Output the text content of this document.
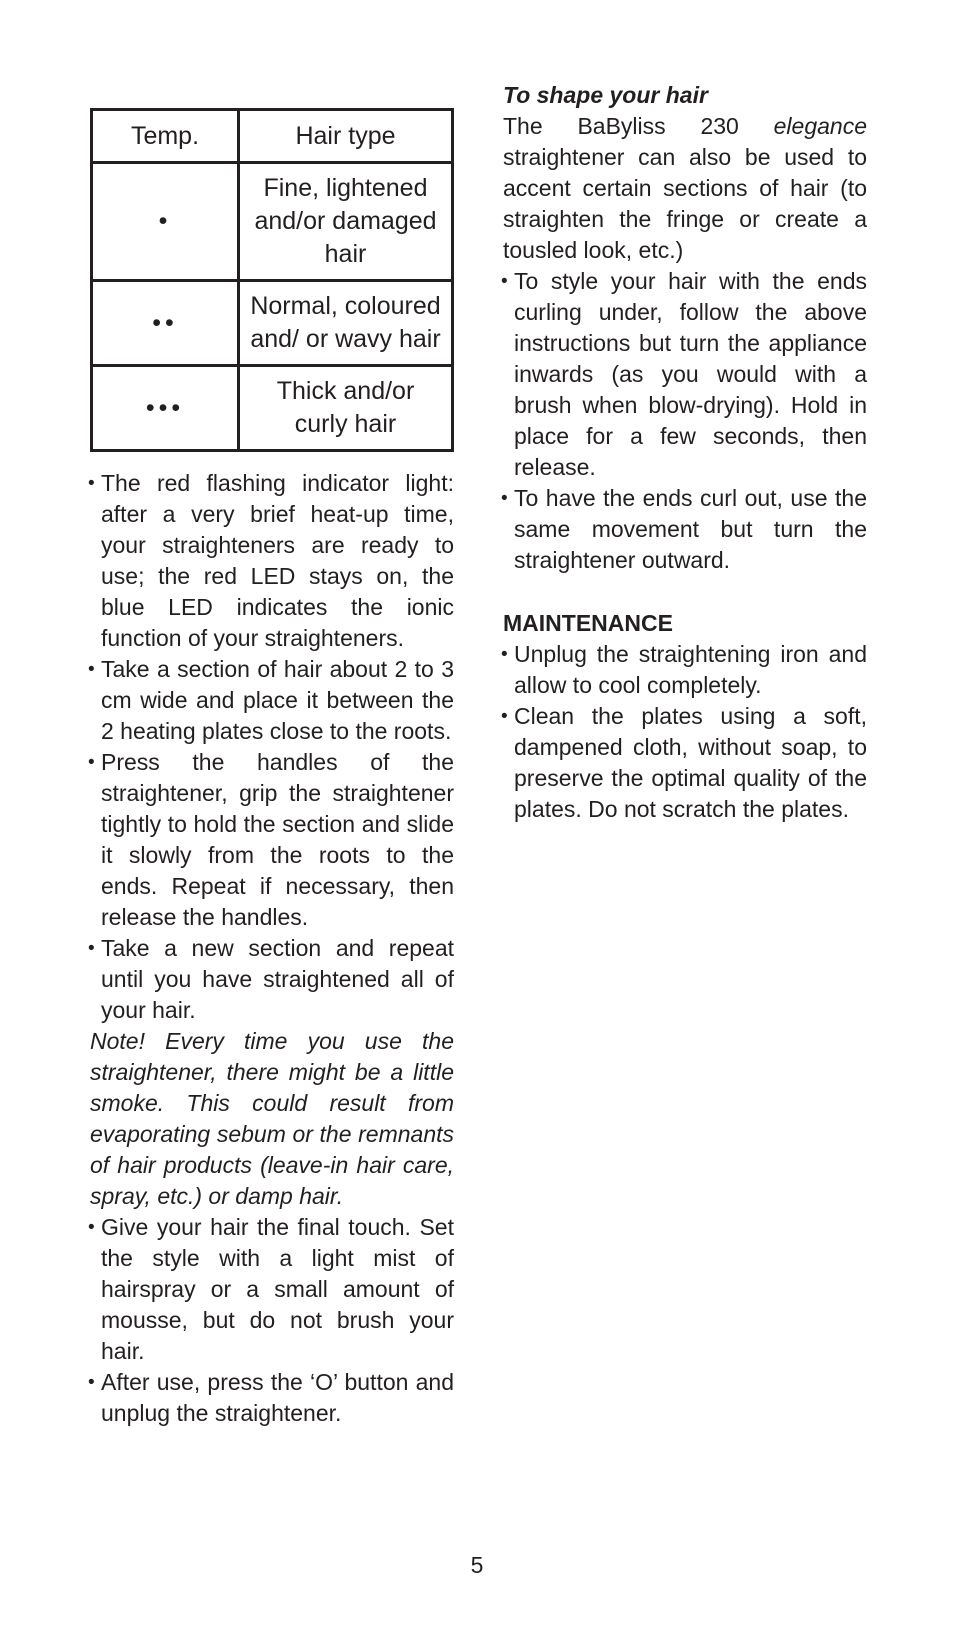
Temp.	Hair type
•	Fine, lightened and/or damaged hair
••	Normal, coloured and/ or wavy hair
•••	Thick and/or curly hair
• The red flashing indicator light: after a very brief heat-up time, your straighteners are ready to use; the red LED stays on, the blue LED indicates the ionic function of your straighteners.
• Take a section of hair about 2 to 3 cm wide and place it between the 2 heating plates close to the roots.
• Press the handles of the straightener, grip the straightener tightly to hold the section and slide it slowly from the roots to the ends. Repeat if necessary, then release the handles.
• Take a new section and repeat until you have straightened all of your hair.

Note! Every time you use the straightener, there might be a little smoke. This could result from evaporating sebum or the remnants of hair products (leave-in hair care, spray, etc.) or damp hair.

• Give your hair the final touch. Set the style with a light mist of hairspray or a small amount of mousse, but do not brush your hair.
• After use, press the ‘O’ button and unplug the straightener.

To shape your hair

The BaByliss 230 elegance straightener can also be used to accent certain sections of hair (to straighten the fringe or create a tousled look, etc.)

• To style your hair with the ends curling under, follow the above instructions but turn the appliance inwards (as you would with a brush when blow-drying). Hold in place for a few seconds, then release.
• To have the ends curl out, use the same movement but turn the straightener outward.

MAINTENANCE

• Unplug the straightening iron and allow to cool completely.
• Clean the plates using a soft, dampened cloth, without soap, to preserve the optimal quality of the plates. Do not scratch the plates.
5
